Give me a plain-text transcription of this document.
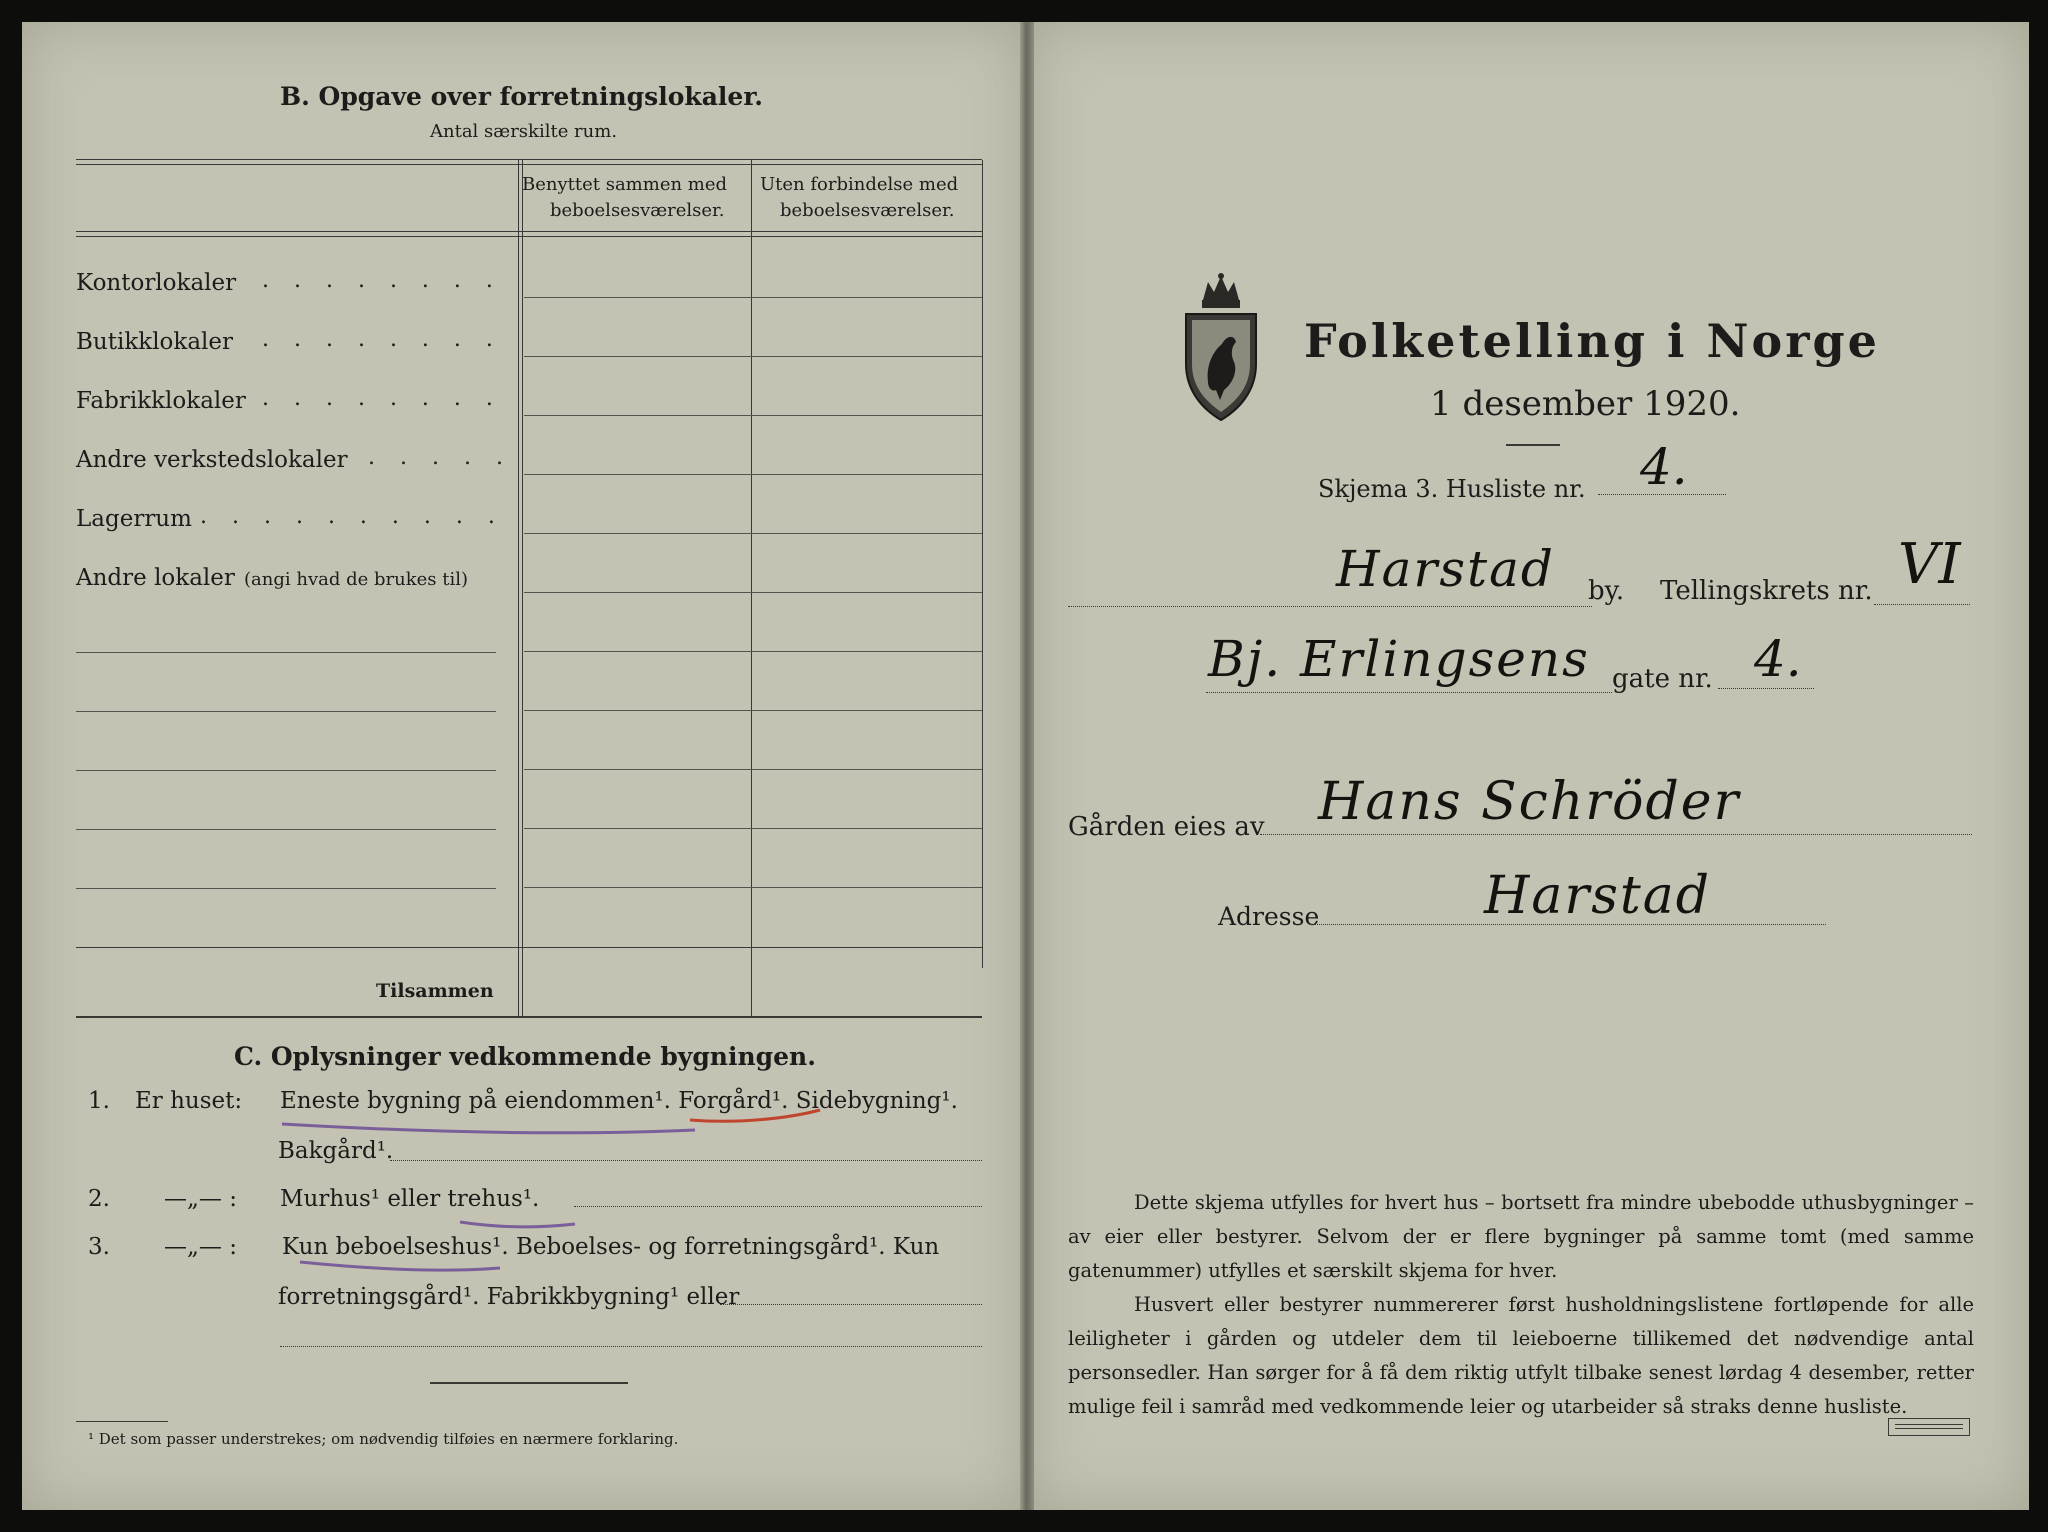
B. Opgave over forretningslokaler.
Antal særskilte rum.
Benyttet sammen med
beboelsesværelser.
Uten forbindelse med
beboelsesværelser.
Kontorlokaler . . . . . . . .
Butikklokaler . . . . . . . .
Fabrikklokaler . . . . . . . .
Andre verkstedslokaler . . . . .
Lagerrum . . . . . . . . . .
Andre lokaler (angi hvad de brukes til)
Tilsammen
C. Oplysninger vedkommende bygningen.
1. Er huset: Eneste bygning på eiendommen¹. Forgård¹. Sidebygning¹.
Bakgård¹.
2. —„— : Murhus¹ eller trehus¹.
3. —„— : Kun beboelseshus¹. Beboelses- og forretningsgård¹. Kun
forretningsgård¹. Fabrikkbygning¹ eller
¹ Det som passer understrekes; om nødvendig tilføies en nærmere forklaring.
Folketelling i Norge
1 desember 1920.
Skjema 3. Husliste nr. 4.
Harstad by. Tellingskrets nr. VI
Bj. Erlingsens gate nr. 4.
Gården eies av Hans Schröder
Adresse	Harstad
Dette skjema utfylles for hvert hus – bortsett fra mindre ubebodde uthusbygninger – av eier eller bestyrer. Selvom der er flere bygninger på samme tomt (med samme gatenummer) utfylles et særskilt skjema for hver.
Husvert eller bestyrer nummererer først husholdningslistene fortløpende for alle leiligheter i gården og utdeler dem til leieboerne tillikemed det nødvendige antal personsedler. Han sørger for å få dem riktig utfylt tilbake senest lørdag 4 desember, retter mulige feil i samråd med vedkommende leier og utarbeider så straks denne husliste.
